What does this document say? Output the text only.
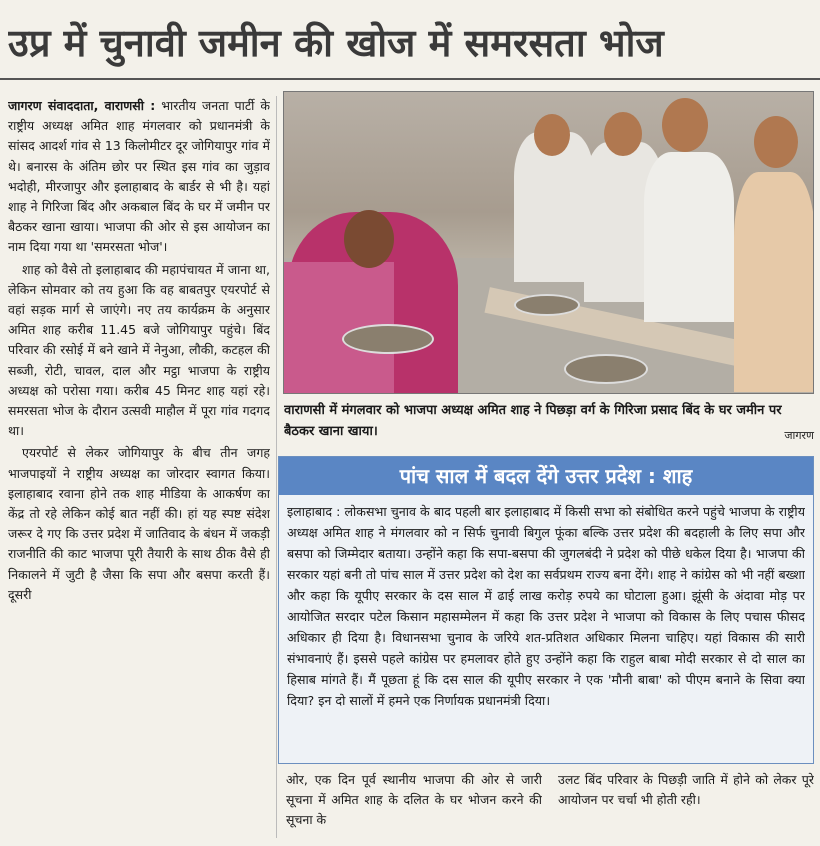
उप्र में चुनावी जमीन की खोज में समरसता भोज

जागरण संवाददाता, वाराणसी : भारतीय जनता पार्टी के राष्ट्रीय अध्यक्ष अमित शाह मंगलवार को प्रधानमंत्री के सांसद आदर्श गांव से 13 किलोमीटर दूर जोगियापुर गांव में थे। बनारस के अंतिम छोर पर स्थित इस गांव का जुड़ाव भदोही, मीरजापुर और इलाहाबाद के बार्डर से भी है। यहां शाह ने गिरिजा बिंद और अकबाल बिंद के घर में जमीन पर बैठकर खाना खाया। भाजपा की ओर से इस आयोजन का नाम दिया गया था 'समरसता भोज'।

शाह को वैसे तो इलाहाबाद की महापंचायत में जाना था, लेकिन सोमवार को तय हुआ कि वह बाबतपुर एयरपोर्ट से वहां सड़क मार्ग से जाएंगे। नए तय कार्यक्रम के अनुसार अमित शाह करीब 11.45 बजे जोगियापुर पहुंचे। बिंद परिवार की रसोई में बने खाने में नेनुआ, लौकी, कटहल की सब्जी, रोटी, चावल, दाल और मट्ठा भाजपा के राष्ट्रीय अध्यक्ष को परोसा गया। करीब 45 मिनट शाह यहां रहे। समरसता भोज के दौरान उत्सवी माहौल में पूरा गांव गदगद था।

एयरपोर्ट से लेकर जोगियापुर के बीच तीन जगह भाजपाइयों ने राष्ट्रीय अध्यक्ष का जोरदार स्वागत किया। इलाहाबाद रवाना होने तक शाह मीडिया के आकर्षण का केंद्र तो रहे लेकिन कोई बात नहीं की। हां यह स्पष्ट संदेश जरूर दे गए कि उत्तर प्रदेश में जातिवाद के बंधन में जकड़ी राजनीति की काट भाजपा पूरी तैयारी के साथ ठीक वैसे ही निकालने में जुटी है जैसा कि सपा और बसपा करती हैं। दूसरी

वाराणसी में मंगलवार को भाजपा अध्यक्ष अमित शाह ने पिछड़ा वर्ग के गिरिजा प्रसाद बिंद के घर जमीन पर बैठकर खाना खाया।	जागरण
पांच साल में बदल देंगे उत्तर प्रदेश : शाह
इलाहाबाद : लोकसभा चुनाव के बाद पहली बार इलाहाबाद में किसी सभा को संबोधित करने पहुंचे भाजपा के राष्ट्रीय अध्यक्ष अमित शाह ने मंगलवार को न सिर्फ चुनावी बिगुल फूंका बल्कि उत्तर प्रदेश की बदहाली के लिए सपा और बसपा को जिम्मेदार बताया। उन्होंने कहा कि सपा-बसपा की जुगलबंदी ने प्रदेश को पीछे धकेल दिया है। भाजपा की सरकार यहां बनी तो पांच साल में उत्तर प्रदेश को देश का सर्वप्रथम राज्य बना देंगे। शाह ने कांग्रेस को भी नहीं बख्शा और कहा कि यूपीए सरकार के दस साल में ढाई लाख करोड़ रुपये का घोटाला हुआ। झूंसी के अंदावा मोड़ पर आयोजित सरदार पटेल किसान महासम्मेलन में कहा कि उत्तर प्रदेश ने भाजपा को विकास के लिए पचास फीसद अधिकार ही दिया है। विधानसभा चुनाव के जरिये शत-प्रतिशत अधिकार मिलना चाहिए। यहां विकास की सारी संभावनाएं हैं। इससे पहले कांग्रेस पर हमलावर होते हुए उन्होंने कहा कि राहुल बाबा मोदी सरकार से दो साल का हिसाब मांगते हैं। मैं पूछता हूं कि दस साल की यूपीए सरकार ने एक 'मौनी बाबा' को पीएम बनाने के सिवा क्या दिया? इन दो सालों में हमने एक निर्णायक प्रधानमंत्री दिया।
ओर, एक दिन पूर्व स्थानीय भाजपा की ओर से जारी सूचना में अमित शाह के दलित के घर भोजन करने की सूचना के
उलट बिंद परिवार के पिछड़ी जाति में होने को लेकर पूरे आयोजन पर चर्चा भी होती रही।
